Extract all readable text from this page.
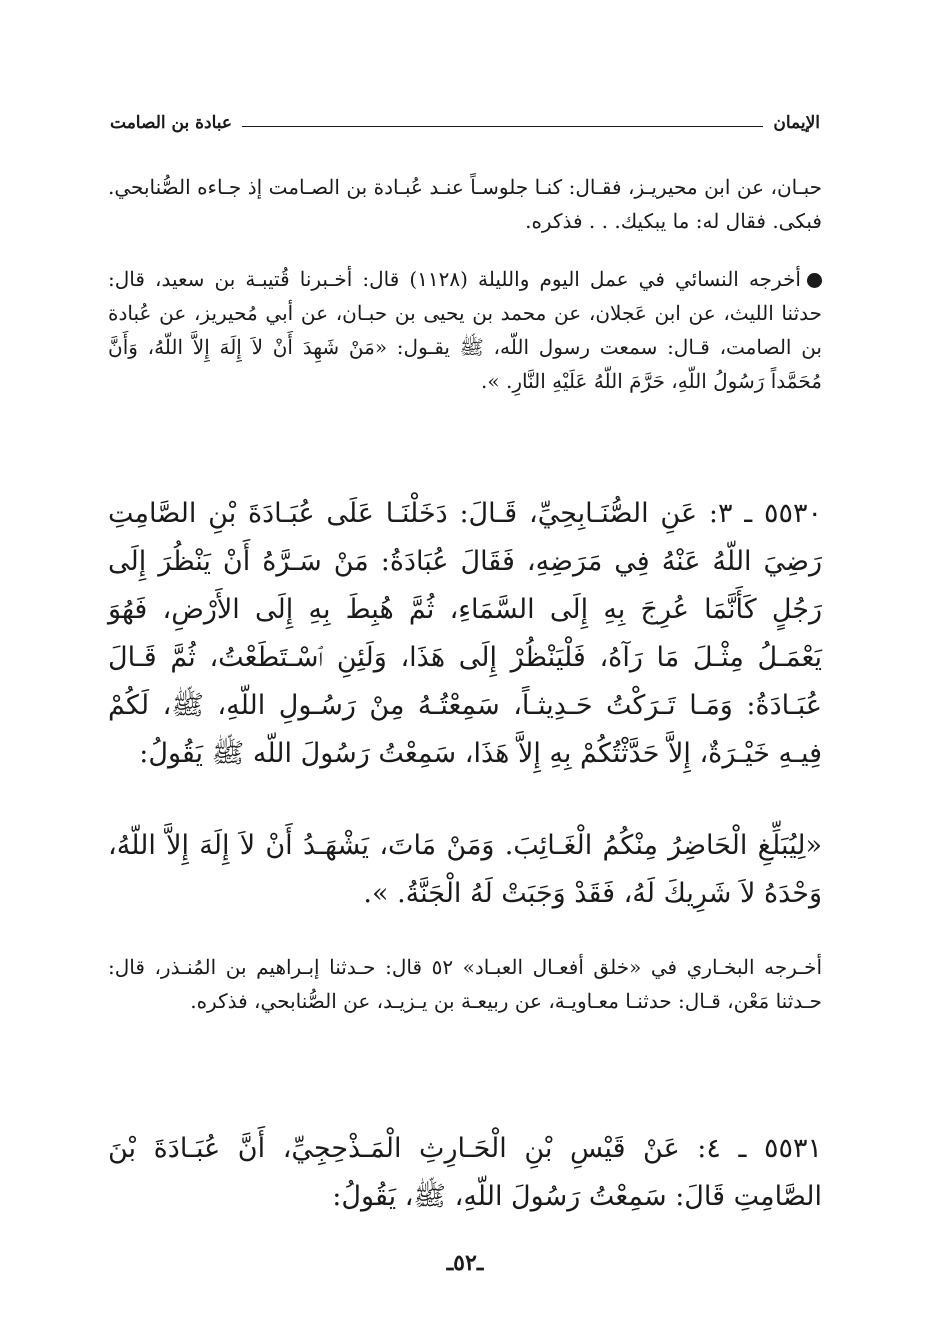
الإيمان
عبادة بن الصامت

حبـان، عن ابن محيريـز، فقـال: كنـا جلوسـاً عنـد عُبـادة بن الصـامت إذ جـاءه الصُّنابحي. فبكى. فقال له: ما يبكيك. . . فذكره.

أخرجه النسائي في عمل اليوم والليلة (١١٢٨) قال: أخـبرنا قُتيبـة بن سعيد، قال: حدثنا الليث، عن ابن عَجلان، عن محمد بن يحيى بن حبـان، عن أبي مُحيريز، عن عُبادة بن الصامت، قـال: سمعت رسول اللّه، ﷺ يقـول: «مَنْ شَهِدَ أَنْ لاَ إِلَهَ إِلاَّ اللّهُ، وَأَنَّ مُحَمَّداً رَسُولُ اللّهِ، حَرَّمَ اللّهُ عَلَيْهِ النَّارِ. ».

٥٥٣٠ ـ ٣: عَنِ الصُّنَـابِحِيِّ، قَـالَ: دَخَلْنَـا عَلَى عُبَـادَةَ بْنِ الصَّامِتِ رَضِيَ اللّهُ عَنْهُ فِي مَرَضِهِ، فَقَالَ عُبَادَةُ: مَنْ سَـرَّهُ أَنْ يَنْظُرَ إِلَى رَجُلٍ كَأَنَّمَا عُرِجَ بِهِ إِلَى السَّمَاءِ، ثُمَّ هُبِطَ بِهِ إِلَى الأَرْضِ، فَهُوَ يَعْمَـلُ مِثْـلَ مَا رَآهُ، فَلْيَنْظُرْ إِلَى هَذَا، وَلَئِنِ ٱسْـتَطَعْتُ، ثُمَّ قَـالَ عُبَـادَةُ: وَمَـا تَـرَكْتُ حَـدِيثـاً، سَمِعْتُـهُ مِنْ رَسُـولِ اللّهِ، ﷺ، لَكُمْ فِيـهِ خَيْـرَةٌ، إِلاَّ حَدَّثْتُكُمْ بِهِ إِلاَّ هَذَا، سَمِعْتُ رَسُولَ اللّه ﷺ يَقُولُ:

«لِيُبَلِّغِ الْحَاضِرُ مِنْكُمُ الْغَـائِبَ. وَمَنْ مَاتَ، يَشْهَـدُ أَنْ لاَ إِلَهَ إِلاَّ اللّهُ، وَحْدَهُ لاَ شَرِيكَ لَهُ، فَقَدْ وَجَبَتْ لَهُ الْجَنَّةُ. ».

أخـرجه البخـاري في «خلق أفعـال العبـاد» ٥٢ قال: حـدثنا إبـراهيم بن المُنـذر، قال: حـدثنا مَعْن، قـال: حدثنـا معـاويـة، عن ربيعـة بن يـزيـد، عن الصُّنابحي، فذكره.

٥٥٣١ ـ ٤: عَنْ قَيْسِ بْنِ الْحَـارِثِ الْمَـذْحِجِيِّ، أَنَّ عُبَـادَةَ بْنَ الصَّامِتِ قَالَ: سَمِعْتُ رَسُولَ اللّهِ، ﷺ، يَقُولُ:

ـ٥٢ـ
